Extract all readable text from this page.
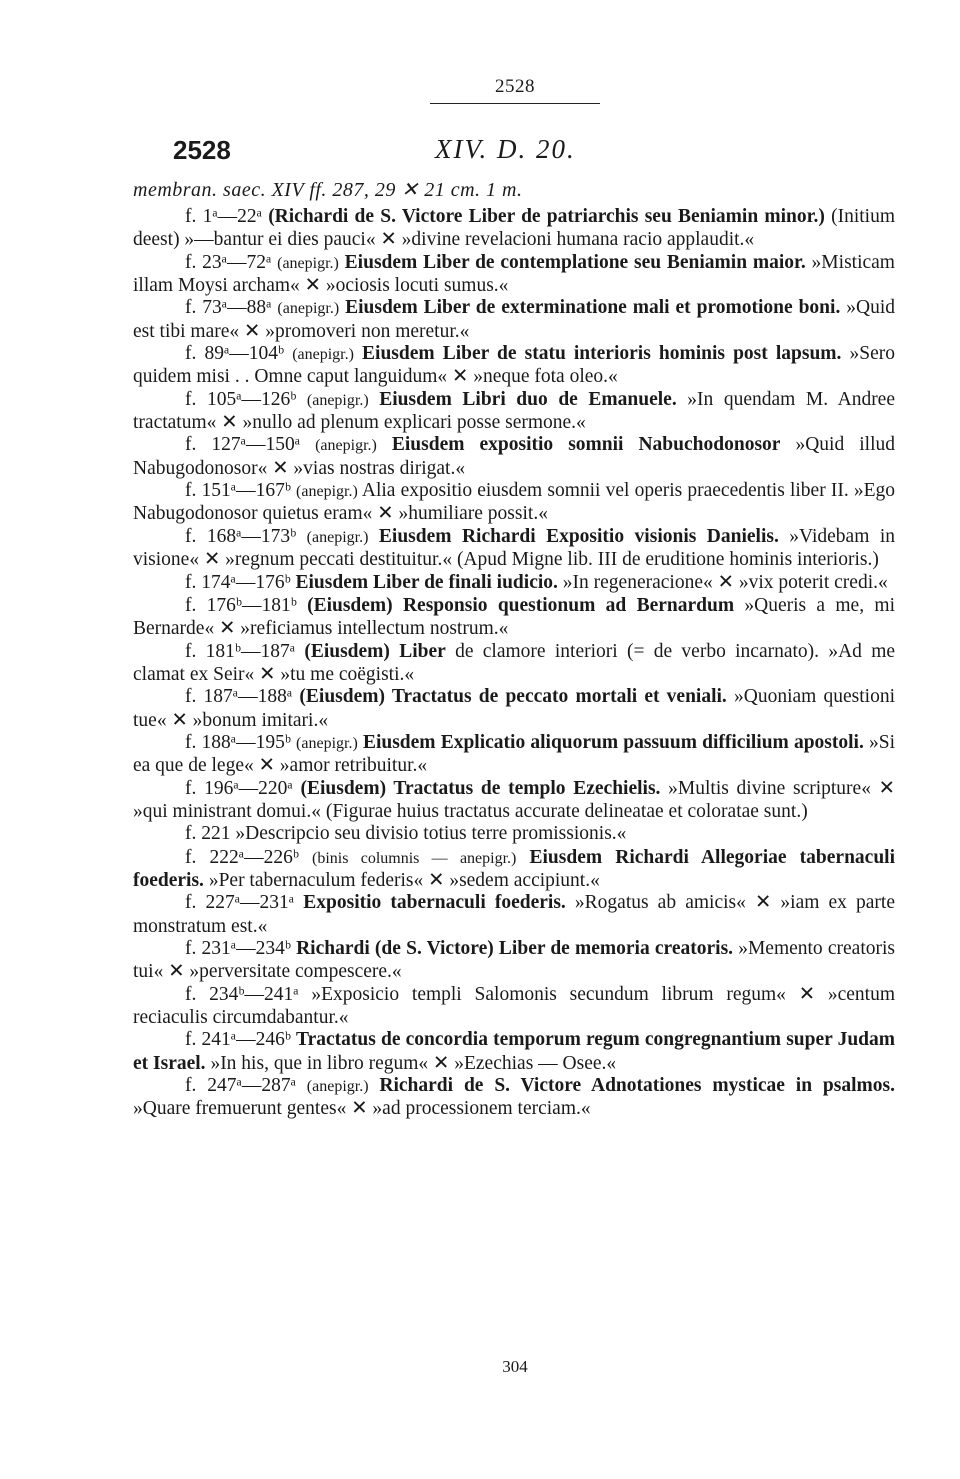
2528
2528	XIV. D. 20.
membran. saec. XIV ff. 287, 29 ✕ 21 cm. 1 m.

f. 1ᵃ—22ᵃ (Richardi de S. Victore Liber de patriarchis seu Beniamin minor.) (Initium deest) »—bantur ei dies pauci« ✕ »divine revelacioni humana racio applaudit.«

f. 23ᵃ—72ᵃ (anepigr.) Eiusdem Liber de contemplatione seu Beniamin maior. »Misticam illam Moysi archam« ✕ »ociosis locuti sumus.«

f. 73ᵃ—88ᵃ (anepigr.) Eiusdem Liber de exterminatione mali et promotione boni. »Quid est tibi mare« ✕ »promoveri non meretur.«

f. 89ᵃ—104ᵇ (anepigr.) Eiusdem Liber de statu interioris hominis post lapsum. »Sero quidem misi . . Omne caput languidum« ✕ »neque fota oleo.«

f. 105ᵃ—126ᵇ (anepigr.) Eiusdem Libri duo de Emanuele. »In quendam M. Andree tractatum« ✕ »nullo ad plenum explicari posse sermone.«

f. 127ᵃ—150ᵃ (anepigr.) Eiusdem expositio somnii Nabuchodonosor »Quid illud Nabugodonosor« ✕ »vias nostras dirigat.«

f. 151ᵃ—167ᵇ (anepigr.) Alia expositio eiusdem somnii vel operis praecedentis liber II. »Ego Nabugodonosor quietus eram« ✕ »humiliare possit.«

f. 168ᵃ—173ᵇ (anepigr.) Eiusdem Richardi Expositio visionis Danielis. »Videbam in visione« ✕ »regnum peccati destituitur.« (Apud Migne lib. III de eruditione hominis interioris.)

f. 174ᵃ—176ᵇ Eiusdem Liber de finali iudicio. »In regeneracione« ✕ »vix poterit credi.«

f. 176ᵇ—181ᵇ (Eiusdem) Responsio questionum ad Bernardum »Queris a me, mi Bernarde« ✕ »reficiamus intellectum nostrum.«

f. 181ᵇ—187ᵃ (Eiusdem) Liber de clamore interiori (= de verbo incarnato). »Ad me clamat ex Seir« ✕ »tu me coëgisti.«

f. 187ᵃ—188ᵃ (Eiusdem) Tractatus de peccato mortali et veniali. »Quoniam questioni tue« ✕ »bonum imitari.«

f. 188ᵃ—195ᵇ (anepigr.) Eiusdem Explicatio aliquorum passuum difficilium apostoli. »Si ea que de lege« ✕ »amor retribuitur.«

f. 196ᵃ—220ᵃ (Eiusdem) Tractatus de templo Ezechielis. »Multis divine scripture« ✕ »qui ministrant domui.« (Figurae huius tractatus accurate delineatae et coloratae sunt.)

f. 221 »Descripcio seu divisio totius terre promissionis.«

f. 222ᵃ—226ᵇ (binis columnis — anepigr.) Eiusdem Richardi Allegoriae tabernaculi foederis. »Per tabernaculum federis« ✕ »sedem accipiunt.«

f. 227ᵃ—231ᵃ Expositio tabernaculi foederis. »Rogatus ab amicis« ✕ »iam ex parte monstratum est.«

f. 231ᵃ—234ᵇ Richardi (de S. Victore) Liber de memoria creatoris. »Memento creatoris tui« ✕ »perversitate compescere.«

f. 234ᵇ—241ᵃ »Exposicio templi Salomonis secundum librum regum« ✕ »centum reciaculis circumdabantur.«

f. 241ᵃ—246ᵇ Tractatus de concordia temporum regum congregnantium super Judam et Israel. »In his, que in libro regum« ✕ »Ezechias — Osee.«

f. 247ᵃ—287ᵃ (anepigr.) Richardi de S. Victore Adnotationes mysticae in psalmos. »Quare fremuerunt gentes« ✕ »ad processionem terciam.«

304
